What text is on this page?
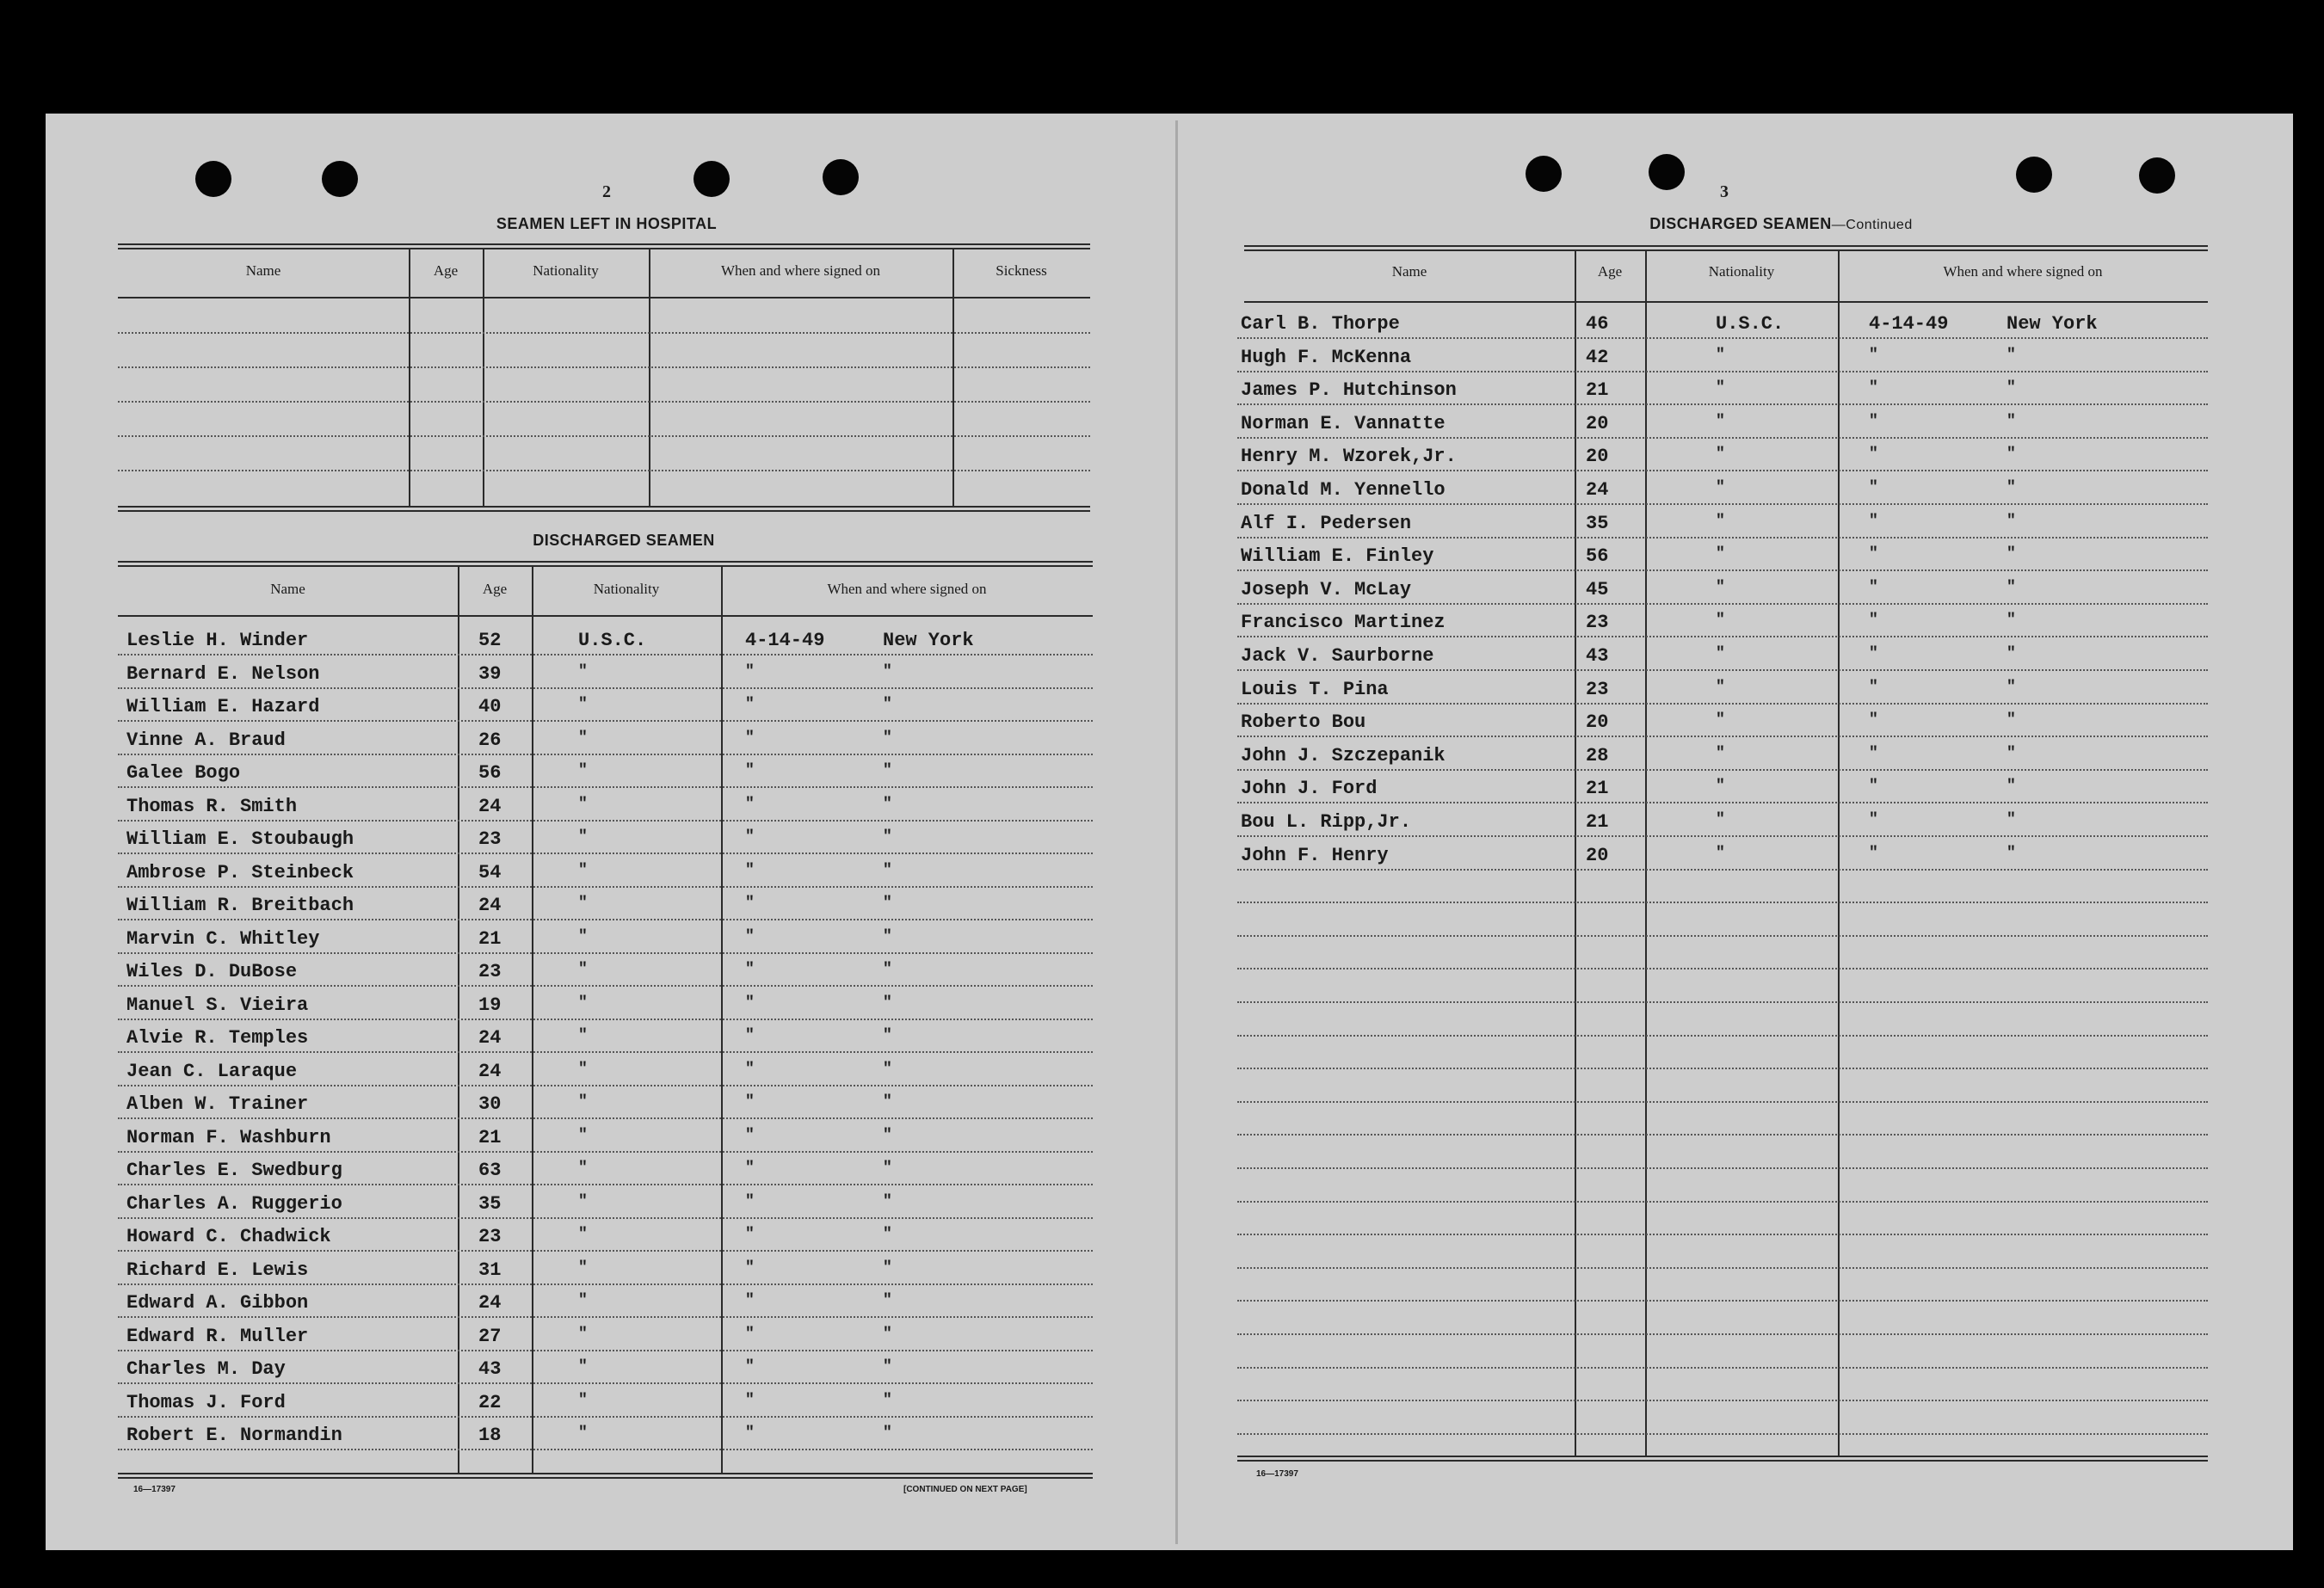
2
SEAMEN LEFT IN HOSPITAL
Name	Age	Nationality	When and where signed on	Sickness
DISCHARGED SEAMEN
Name	Age	Nationality	When and where signed on
Leslie H. Winder	52	U.S.C.	4-14-49	New York
Bernard E. Nelson	39	"	"	"
William E. Hazard	40	"	"	"
Vinne A. Braud	26	"	"	"
Galee Bogo	56	"	"	"
Thomas R. Smith	24	"	"	"
William E. Stoubaugh	23	"	"	"
Ambrose P. Steinbeck	54	"	"	"
William R. Breitbach	24	"	"	"
Marvin C. Whitley	21	"	"	"
Wiles D. DuBose	23	"	"	"
Manuel S. Vieira	19	"	"	"
Alvie R. Temples	24	"	"	"
Jean C. Laraque	24	"	"	"
Alben W. Trainer	30	"	"	"
Norman F. Washburn	21	"	"	"
Charles E. Swedburg	63	"	"	"
Charles A. Ruggerio	35	"	"	"
Howard C. Chadwick	23	"	"	"
Richard E. Lewis	31	"	"	"
Edward A. Gibbon	24	"	"	"
Edward R. Muller	27	"	"	"
Charles M. Day	43	"	"	"
Thomas J. Ford	22	"	"	"
Robert E. Normandin	18	"	"	"
16—17397	[CONTINUED ON NEXT PAGE]
3
DISCHARGED SEAMEN—Continued
Name	Age	Nationality	When and where signed on
Carl B. Thorpe	46	U.S.C.	4-14-49	New York
Hugh F. McKenna	42	"	"	"
James P. Hutchinson	21	"	"	"
Norman E. Vannatte	20	"	"	"
Henry M. Wzorek,Jr.	20	"	"	"
Donald M. Yennello	24	"	"	"
Alf I. Pedersen	35	"	"	"
William E. Finley	56	"	"	"
Joseph V. McLay	45	"	"	"
Francisco Martinez	23	"	"	"
Jack V. Saurborne	43	"	"	"
Louis T. Pina	23	"	"	"
Roberto Bou	20	"	"	"
John J. Szczepanik	28	"	"	"
John J. Ford	21	"	"	"
Bou L. Ripp,Jr.	21	"	"	"
John F. Henry	20	"	"	"
16—17397
